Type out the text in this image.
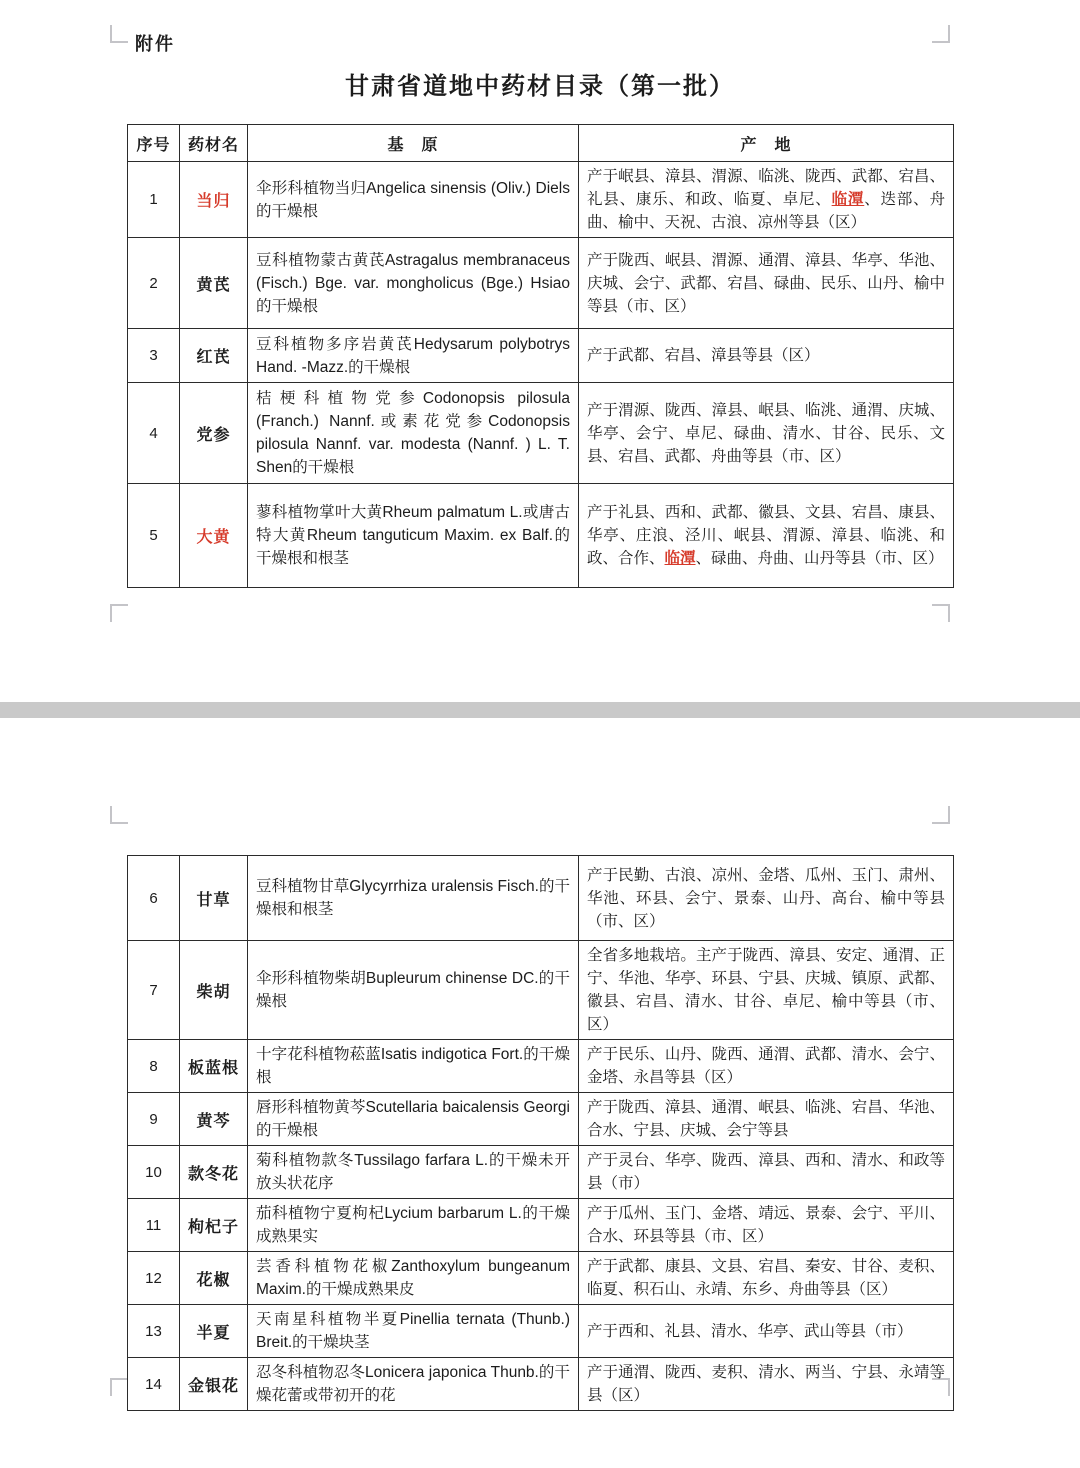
附件
甘肃省道地中药材目录（第一批）
序号	药材名	基　原	产　地
1	当归	伞形科植物当归Angelica sinensis (Oliv.) Diels的干燥根	产于岷县、漳县、渭源、临洮、陇西、武都、宕昌、礼县、康乐、和政、临夏、卓尼、临潭、迭部、舟曲、榆中、天祝、古浪、凉州等县（区）
2	黄芪	豆科植物蒙古黄芪Astragalus membranaceus (Fisch.) Bge. var. mongholicus (Bge.) Hsiao的干燥根	产于陇西、岷县、渭源、通渭、漳县、华亭、华池、庆城、会宁、武都、宕昌、碌曲、民乐、山丹、榆中等县（市、区）
3	红芪	豆科植物多序岩黄芪Hedysarum polybotrys Hand. -Mazz.的干燥根	产于武都、宕昌、漳县等县（区）
4	党参	桔梗科植物党参Codonopsis pilosula (Franch.) Nannf.或素花党参Codonopsis pilosula Nannf. var. modesta (Nannf. ) L. T. Shen的干燥根	产于渭源、陇西、漳县、岷县、临洮、通渭、庆城、华亭、会宁、卓尼、碌曲、清水、甘谷、民乐、文县、宕昌、武都、舟曲等县（市、区）
5	大黄	蓼科植物掌叶大黄Rheum palmatum L.或唐古特大黄Rheum tanguticum Maxim. ex Balf.的干燥根和根茎	产于礼县、西和、武都、徽县、文县、宕昌、康县、华亭、庄浪、泾川、岷县、渭源、漳县、临洮、和政、合作、临潭、碌曲、舟曲、山丹等县（市、区）
6	甘草	豆科植物甘草Glycyrrhiza uralensis Fisch.的干燥根和根茎	产于民勤、古浪、凉州、金塔、瓜州、玉门、肃州、华池、环县、会宁、景泰、山丹、高台、榆中等县（市、区）
7	柴胡	伞形科植物柴胡Bupleurum chinense DC.的干燥根	全省多地栽培。主产于陇西、漳县、安定、通渭、正宁、华池、华亭、环县、宁县、庆城、镇原、武都、徽县、宕昌、清水、甘谷、卓尼、榆中等县（市、区）
8	板蓝根	十字花科植物菘蓝Isatis indigotica Fort.的干燥根	产于民乐、山丹、陇西、通渭、武都、清水、会宁、金塔、永昌等县（区）
9	黄芩	唇形科植物黄芩Scutellaria baicalensis Georgi的干燥根	产于陇西、漳县、通渭、岷县、临洮、宕昌、华池、合水、宁县、庆城、会宁等县
10	款冬花	菊科植物款冬Tussilago farfara L.的干燥未开放头状花序	产于灵台、华亭、陇西、漳县、西和、清水、和政等县（市）
11	枸杞子	茄科植物宁夏枸杞Lycium barbarum L.的干燥成熟果实	产于瓜州、玉门、金塔、靖远、景泰、会宁、平川、合水、环县等县（市、区）
12	花椒	芸香科植物花椒Zanthoxylum bungeanum Maxim.的干燥成熟果皮	产于武都、康县、文县、宕昌、秦安、甘谷、麦积、临夏、积石山、永靖、东乡、舟曲等县（区）
13	半夏	天南星科植物半夏Pinellia ternata (Thunb.) Breit.的干燥块茎	产于西和、礼县、清水、华亭、武山等县（市）
14	金银花	忍冬科植物忍冬Lonicera japonica Thunb.的干燥花蕾或带初开的花	产于通渭、陇西、麦积、清水、两当、宁县、永靖等县（区）
